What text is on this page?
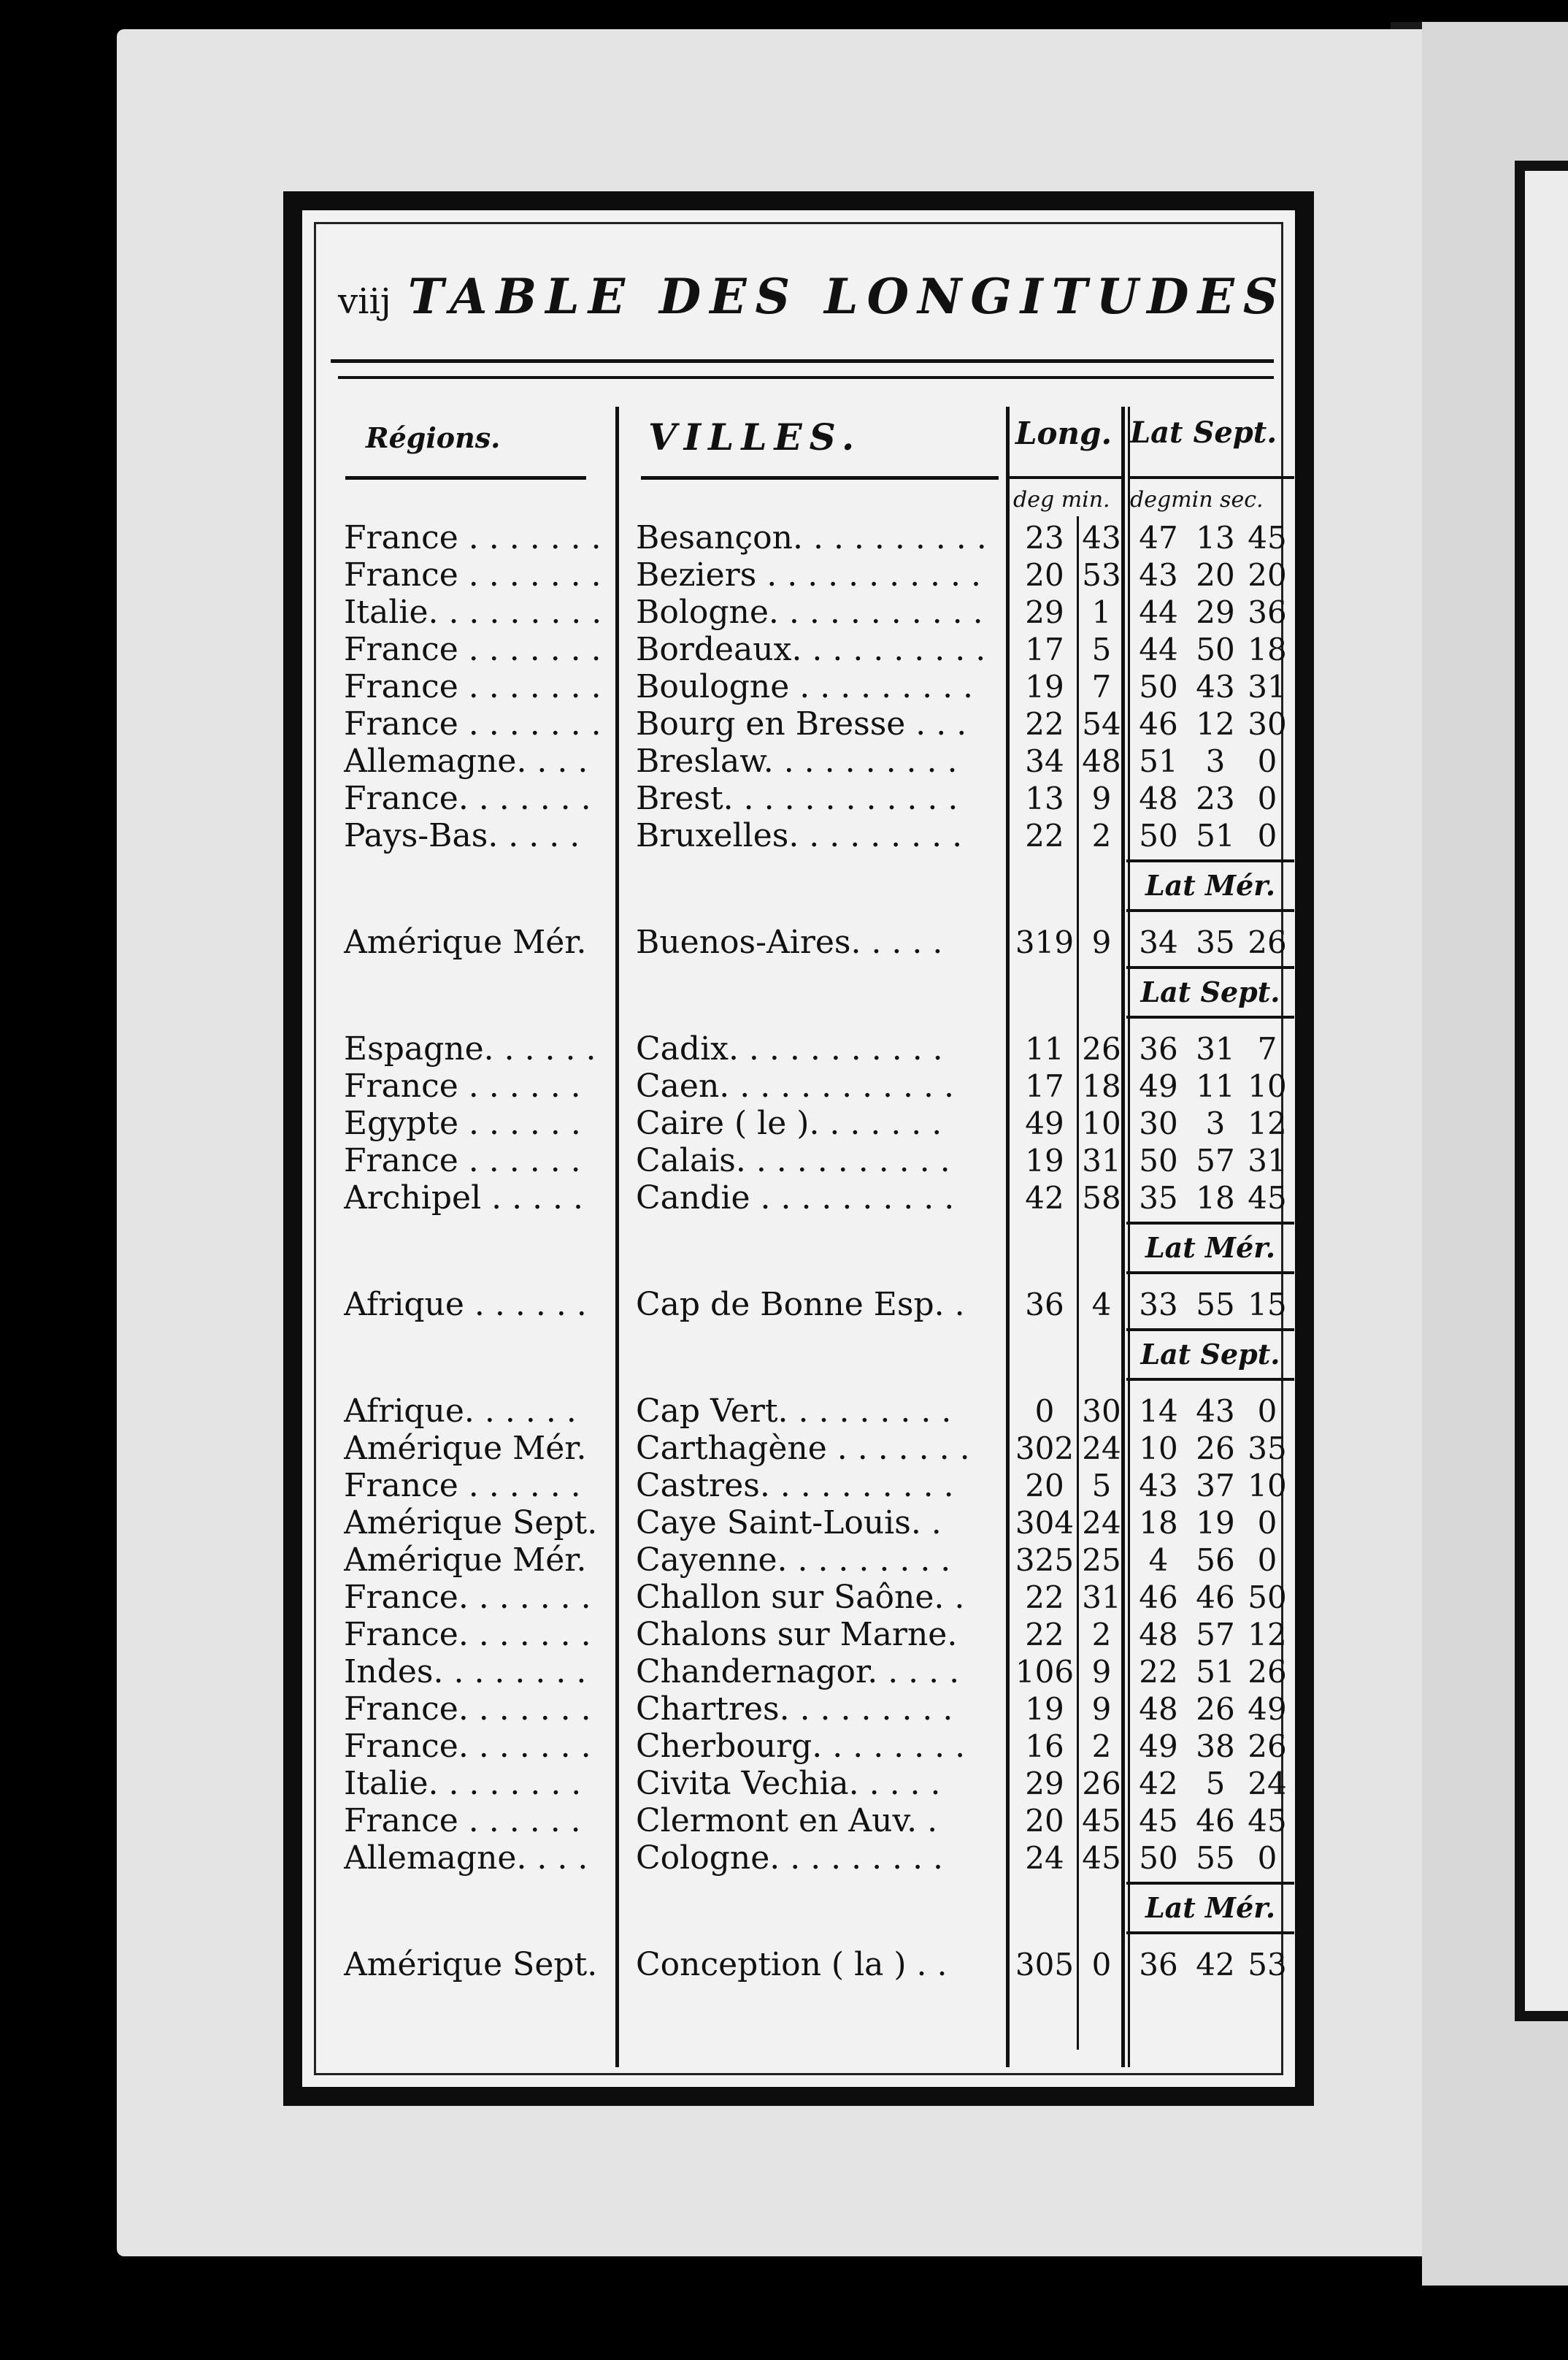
viij TABLE DES LONGITUDES
Régions.	VILLES.	Long. Lat Sept.
deg min. degmin sec.
France . . . . . . .	Besançon. . . . . . . . . .	23 43 47 13 45
France . . . . . . .	Beziers . . . . . . . . . . .	20 53 43 20 20
Italie. . . . . . . . .	Bologne. . . . . . . . . . .	29 1 44 29 36
France . . . . . . .	Bordeaux. . . . . . . . . .	17 5 44 50 18
France . . . . . . .	Boulogne . . . . . . . . .	19 7 50 43 31
France . . . . . . .	Bourg en Bresse . . .	22 54 46 12 30
Allemagne. . . .	Breslaw. . . . . . . . . .	34 48 51 3	0
France. . . . . . .	Brest. . . . . . . . . . . .	13 9 48 23 0
Pays-Bas. . . . .	Bruxelles. . . . . . . . .	22 2 50 51 0
Lat Mér.
Amérique Mér.	Buenos-Aires. . . . .	319 9 34 35 26
Lat Sept.
Espagne. . . . . .	Cadix. . . . . . . . . . .	11 26 36 31 7
France . . . . . .	Caen. . . . . . . . . . . .	17 18 49 11 10
Egypte . . . . . .	Caire ( le ). . . . . . .	49 10 30 3 12
France . . . . . .	Calais. . . . . . . . . . .	19 31 50 57 31
Archipel . . . . .	Candie . . . . . . . . . .	42 58 35 18 45
Lat Mér.
Afrique . . . . . .	Cap de Bonne Esp. .	36 4 33 55 15
Lat Sept.
Afrique. . . . . .	Cap Vert. . . . . . . . .	0 30 14 43 0
Amérique Mér.	Carthagène . . . . . . .	302 24 10 26 35
France . . . . . .	Castres. . . . . . . . . .	20 5 43 37 10
Amérique Sept.	Caye Saint-Louis. .	304 24 18 19 0
Amérique Mér.	Cayenne. . . . . . . . .	325 25 4 56 0
France. . . . . . .	Challon sur Saône. .	22 31 46 46 50
France. . . . . . .	Chalons sur Marne.	22 2 48 57 12
Indes. . . . . . . .	Chandernagor. . . . .	106 9 22 51 26
France. . . . . . .	Chartres. . . . . . . . .	19 9 48 26 49
France. . . . . . .	Cherbourg. . . . . . . .	16 2 49 38 26
Italie. . . . . . . .	Civita Vechia. . . . .	29 26 42 5 24
France . . . . . .	Clermont en Auv. .	20 45 45 46 45
Allemagne. . . .	Cologne. . . . . . . . .	24 45 50 55 0
Lat Mér.
Amérique Sept.	Conception ( la ) . .	305 0 36 42 53
